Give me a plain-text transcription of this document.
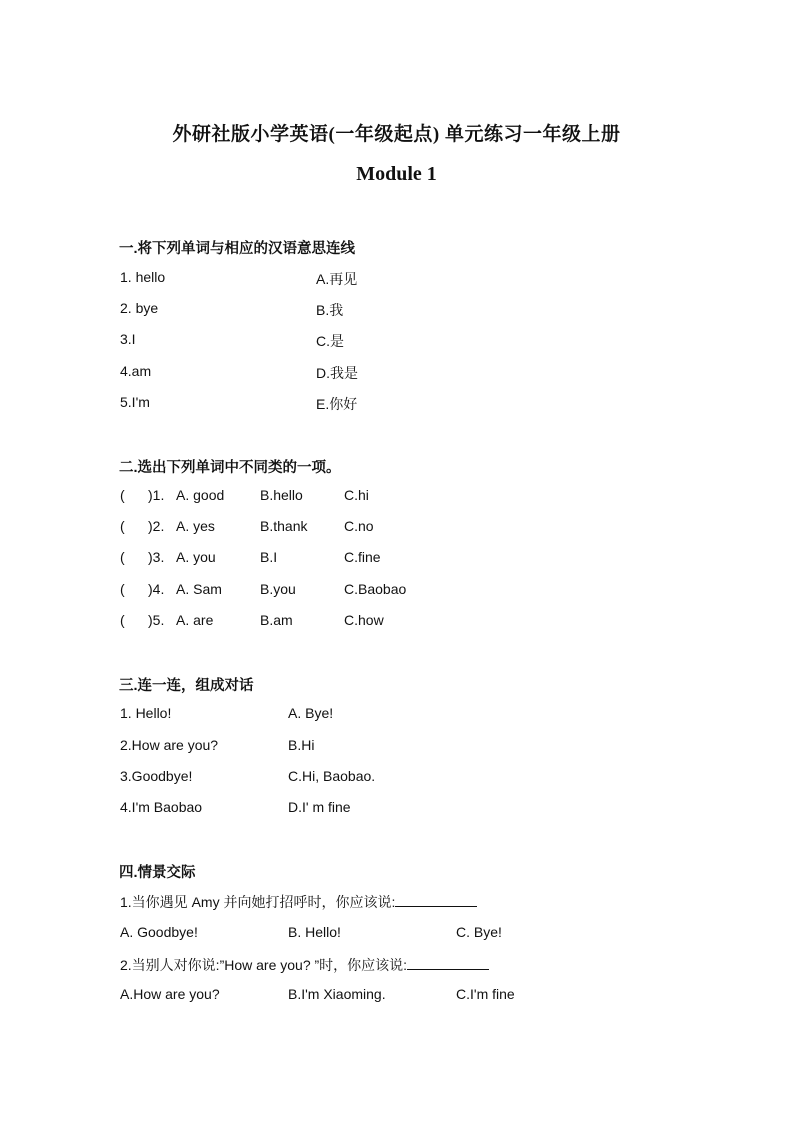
外研社版小学英语(一年级起点) 单元练习一年级上册
Module 1
一.将下列单词与相应的汉语意思连线
1. hello	A.再见
2. bye	B.我
3.I	C.是
4.am	D.我是
5.I'm	E.你好
二.选出下列单词中不同类的一项。
( )1. A. good	B.hello	C.hi
( )2. A. yes	B.thank	C.no
( )3. A. you	B.I	C.fine
( )4. A. Sam	B.you	C.Baobao
( )5. A. are	B.am	C.how
三.连一连，组成对话
1. Hello!	A. Bye!
2.How are you?	B.Hi
3.Goodbye!	C.Hi, Baobao.
4.I'm Baobao	D.I' m fine
四.情景交际
1.当你遇见 Amy 并向她打招呼时，你应该说:
A. Goodbye!	B. Hello!	C. Bye!
2.当别人对你说:”How are you? ”时，你应该说:
A.How are you?	B.I'm Xiaoming.	C.I'm fine
